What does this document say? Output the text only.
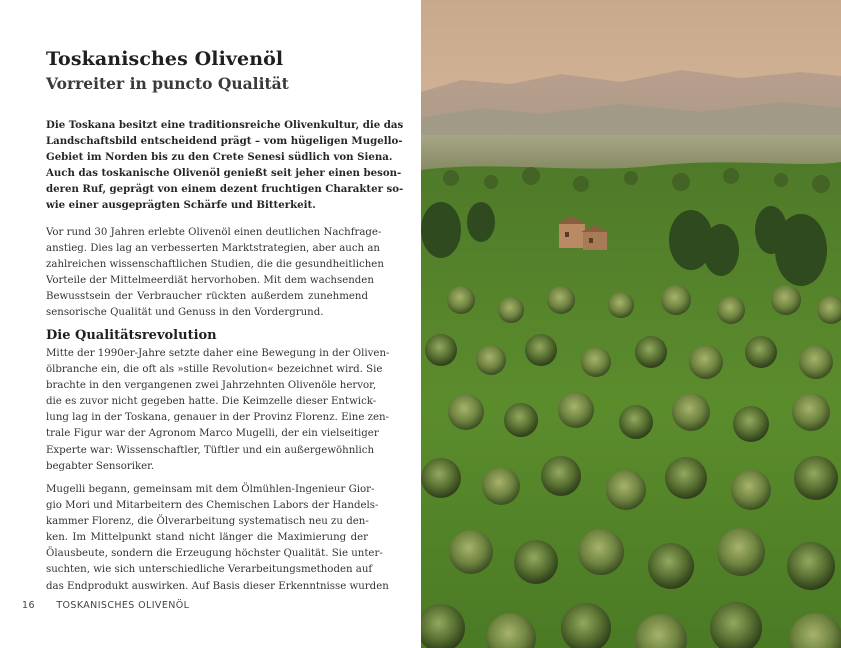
Toskanisches Olivenöl
Vorreiter in puncto Qualität

Die Toskana besitzt eine traditionsreiche Olivenkultur, die das
Landschaftsbild entscheidend prägt – vom hügeligen Mugello-
Gebiet im Norden bis zu den Crete Senesi südlich von Siena.
Auch das toskanische Olivenöl genießt seit jeher einen beson-
deren Ruf, geprägt von einem dezent fruchtigen Charakter so-
wie einer ausgeprägten Schärfe und Bitterkeit.

Vor rund 30 Jahren erlebte Olivenöl einen deutlichen Nachfrage-
anstieg. Dies lag an verbesserten Marktstrategien, aber auch an
zahlreichen wissenschaftlichen Studien, die die gesundheitlichen
Vorteile der Mittelmeerdiät hervorhoben. Mit dem wachsenden
Bewusstsein der Verbraucher rückten außerdem zunehmend
sensorische Qualität und Genuss in den Vordergrund.

Die Qualitätsrevolution

Mitte der 1990er-Jahre setzte daher eine Bewegung in der Oliven-
ölbranche ein, die oft als »stille Revolution« bezeichnet wird. Sie
brachte in den vergangenen zwei Jahrzehnten Olivenöle hervor,
die es zuvor nicht gegeben hatte. Die Keimzelle dieser Entwick-
lung lag in der Toskana, genauer in der Provinz Florenz. Eine zen-
trale Figur war der Agronom Marco Mugelli, der ein vielseitiger
Experte war: Wissenschaftler, Tüftler und ein außergewöhnlich
begabter Sensoriker.

Mugelli begann, gemeinsam mit dem Ölmühlen-Ingenieur Gior-
gio Mori und Mitarbeitern des Chemischen Labors der Handels-
kammer Florenz, die Ölverarbeitung systematisch neu zu den-
ken. Im Mittelpunkt stand nicht länger die Maximierung der
Ölausbeute, sondern die Erzeugung höchster Qualität. Sie unter-
suchten, wie sich unterschiedliche Verarbeitungsmethoden auf
das Endprodukt auswirken. Auf Basis dieser Erkenntnisse wurden

16 TOSKANISCHES OLIVENÖL
